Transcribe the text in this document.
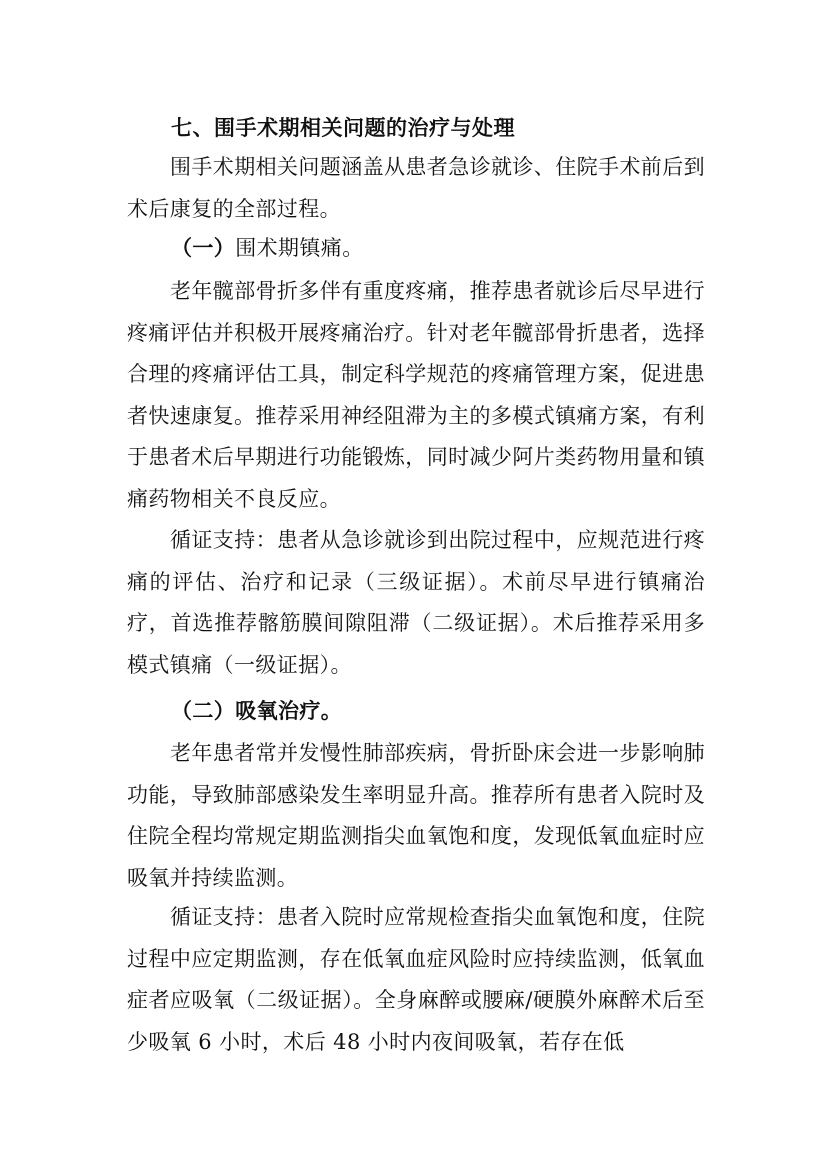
七、围手术期相关问题的治疗与处理

围手术期相关问题涵盖从患者急诊就诊、住院手术前后到术后康复的全部过程。

（一）围术期镇痛。

老年髋部骨折多伴有重度疼痛，推荐患者就诊后尽早进行疼痛评估并积极开展疼痛治疗。针对老年髋部骨折患者，选择合理的疼痛评估工具，制定科学规范的疼痛管理方案，促进患者快速康复。推荐采用神经阻滞为主的多模式镇痛方案，有利于患者术后早期进行功能锻炼，同时减少阿片类药物用量和镇痛药物相关不良反应。

循证支持：患者从急诊就诊到出院过程中，应规范进行疼痛的评估、治疗和记录（三级证据）。术前尽早进行镇痛治疗，首选推荐髂筋膜间隙阻滞（二级证据）。术后推荐采用多模式镇痛（一级证据）。

（二）吸氧治疗。

老年患者常并发慢性肺部疾病，骨折卧床会进一步影响肺功能，导致肺部感染发生率明显升高。推荐所有患者入院时及住院全程均常规定期监测指尖血氧饱和度，发现低氧血症时应吸氧并持续监测。

循证支持：患者入院时应常规检查指尖血氧饱和度，住院过程中应定期监测，存在低氧血症风险时应持续监测，低氧血症者应吸氧（二级证据）。全身麻醉或腰麻/硬膜外麻醉术后至少吸氧 6 小时，术后 48 小时内夜间吸氧，若存在低
